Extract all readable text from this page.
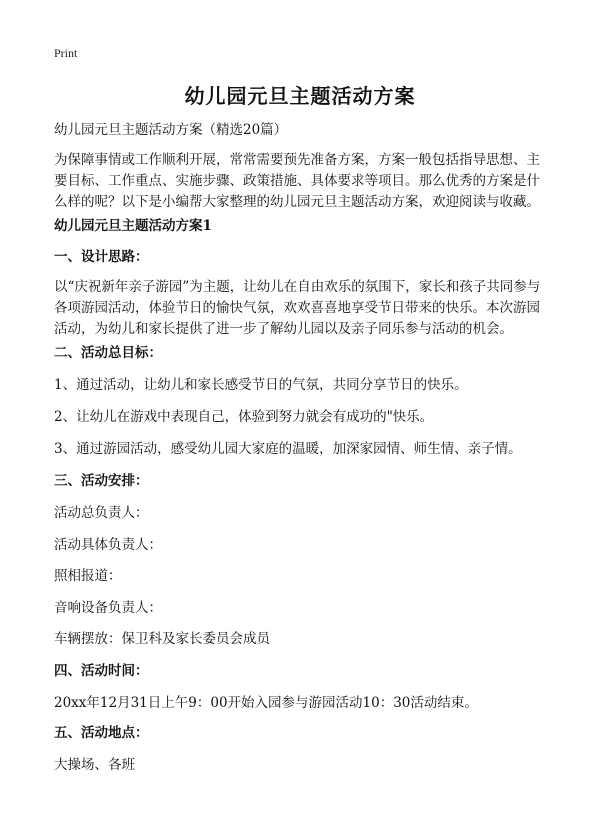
Print
幼儿园元旦主题活动方案
幼儿园元旦主题活动方案（精选20篇）
为保障事情或工作顺利开展，常常需要预先准备方案，方案一般包括指导思想、主要目标、工作重点、实施步骤、政策措施、具体要求等项目。那么优秀的方案是什么样的呢？以下是小编帮大家整理的幼儿园元旦主题活动方案，欢迎阅读与收藏。
幼儿园元旦主题活动方案1
一、设计思路：
以“庆祝新年亲子游园”为主题，让幼儿在自由欢乐的氛围下，家长和孩子共同参与各项游园活动，体验节日的愉快气氛，欢欢喜喜地享受节日带来的快乐。本次游园活动，为幼儿和家长提供了进一步了解幼儿园以及亲子同乐参与活动的机会。
二、活动总目标：
1、通过活动，让幼儿和家长感受节日的气氛，共同分享节日的快乐。
2、让幼儿在游戏中表现自己，体验到努力就会有成功的"快乐。
3、通过游园活动，感受幼儿园大家庭的温暖，加深家园情、师生情、亲子情。
三、活动安排：
活动总负责人：
活动具体负责人：
照相报道：
音响设备负责人：
车辆摆放：保卫科及家长委员会成员
四、活动时间：
20xx年12月31日上午9：00开始入园参与游园活动10：30活动结束。
五、活动地点：
大操场、各班
